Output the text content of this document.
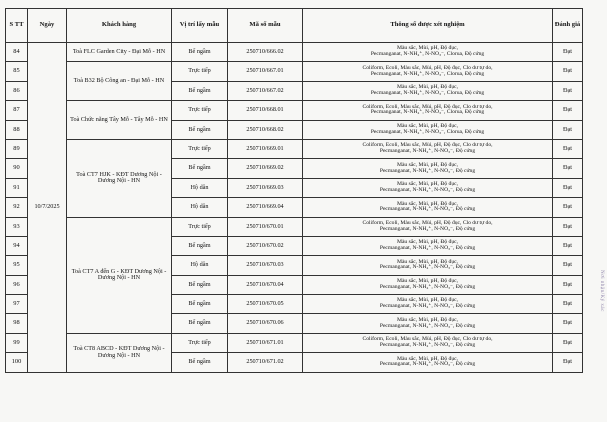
S TT	Ngày	Khách hàng	Vị trí lấy mẫu	Mã số mẫu	Thông số được xét nghiệm	Đánh giá
84	10/7/2025	Toà FLC Garden City - Đại Mỗ - HN	Bể ngầm	250710/666.02	Màu sắc, Mùi, pH, Độ đục,
Pecmanganat, N-NH₄⁺, N-NO₃⁻, Clorua, Độ cứng	Đạt
85		Toà B32 Bộ Công an - Đại Mỗ - HN	Trực tiếp	250710/667.01	Coliform, Ecoli, Màu sắc, Mùi, pH, Độ đục, Clo dư tự do,
Pecmanganat, N-NH₄⁺, N-NO₃⁻, Clorua, Độ cứng	Đạt
86			Bể ngầm	250710/667.02	Màu sắc, Mùi, pH, Độ đục,
Pecmanganat, N-NH₄⁺, N-NO₃⁻, Clorua, Độ cứng	Đạt
87		Toà Chức năng Tây Mỗ - Tây Mỗ - HN	Trực tiếp	250710/668.01	Coliform, Ecoli, Màu sắc, Mùi, pH, Độ đục, Clo dư tự do,
Pecmanganat, N-NH₄⁺, N-NO₃⁻, Clorua, Độ cứng	Đạt
88			Bể ngầm	250710/668.02	Màu sắc, Mùi, pH, Độ đục,
Pecmanganat, N-NH₄⁺, N-NO₃⁻, Clorua, Độ cứng	Đạt
89		Toà CT7 HJK - KĐT Dương Nội - Dương Nội - HN	Trực tiếp	250710/669.01	Coliform, Ecoli, Màu sắc, Mùi, pH, Độ đục, Clo dư tự do,
Pecmanganat, N-NH₄⁺, N-NO₃⁻, Độ cứng	Đạt
90			Bể ngầm	250710/669.02	Màu sắc, Mùi, pH, Độ đục,
Pecmanganat, N-NH₄⁺, N-NO₃⁻, Độ cứng	Đạt
91			Hộ dân	250710/669.03	Màu sắc, Mùi, pH, Độ đục,
Pecmanganat, N-NH₄⁺, N-NO₃⁻, Độ cứng	Đạt
92			Hộ dân	250710/669.04	Màu sắc, Mùi, pH, Độ đục,
Pecmanganat, N-NH₄⁺, N-NO₃⁻, Độ cứng	Đạt
93		Toà CT7 A đến G - KĐT Dương Nội - Dương Nội - HN	Trực tiếp	250710/670.01	Coliform, Ecoli, Màu sắc, Mùi, pH, Độ đục, Clo dư tự do,
Pecmanganat, N-NH₄⁺, N-NO₃⁻, Độ cứng	Đạt
94			Bể ngầm	250710/670.02	Màu sắc, Mùi, pH, Độ đục,
Pecmanganat, N-NH₄⁺, N-NO₃⁻, Độ cứng	Đạt
95			Hộ dân	250710/670.03	Màu sắc, Mùi, pH, Độ đục,
Pecmanganat, N-NH₄⁺, N-NO₃⁻, Độ cứng	Đạt
96			Bể ngầm	250710/670.04	Màu sắc, Mùi, pH, Độ đục,
Pecmanganat, N-NH₄⁺, N-NO₃⁻, Độ cứng	Đạt
97			Bể ngầm	250710/670.05	Màu sắc, Mùi, pH, Độ đục,
Pecmanganat, N-NH₄⁺, N-NO₃⁻, Độ cứng	Đạt
98			Bể ngầm	250710/670.06	Màu sắc, Mùi, pH, Độ đục,
Pecmanganat, N-NH₄⁺, N-NO₃⁻, Độ cứng	Đạt
99		Toà CT8 ABCD - KĐT Dương Nội - Dương Nội - HN	Trực tiếp	250710/671.01	Coliform, Ecoli, Màu sắc, Mùi, pH, Độ đục, Clo dư tự do,
Pecmanganat, N-NH₄⁺, N-NO₃⁻, Độ cứng	Đạt
100			Bể ngầm	250710/671.02	Màu sắc, Mùi, pH, Độ đục,
Pecmanganat, N-NH₄⁺, N-NO₃⁻, Độ cứng	Đạt
Nơi nhận/Ký xác
